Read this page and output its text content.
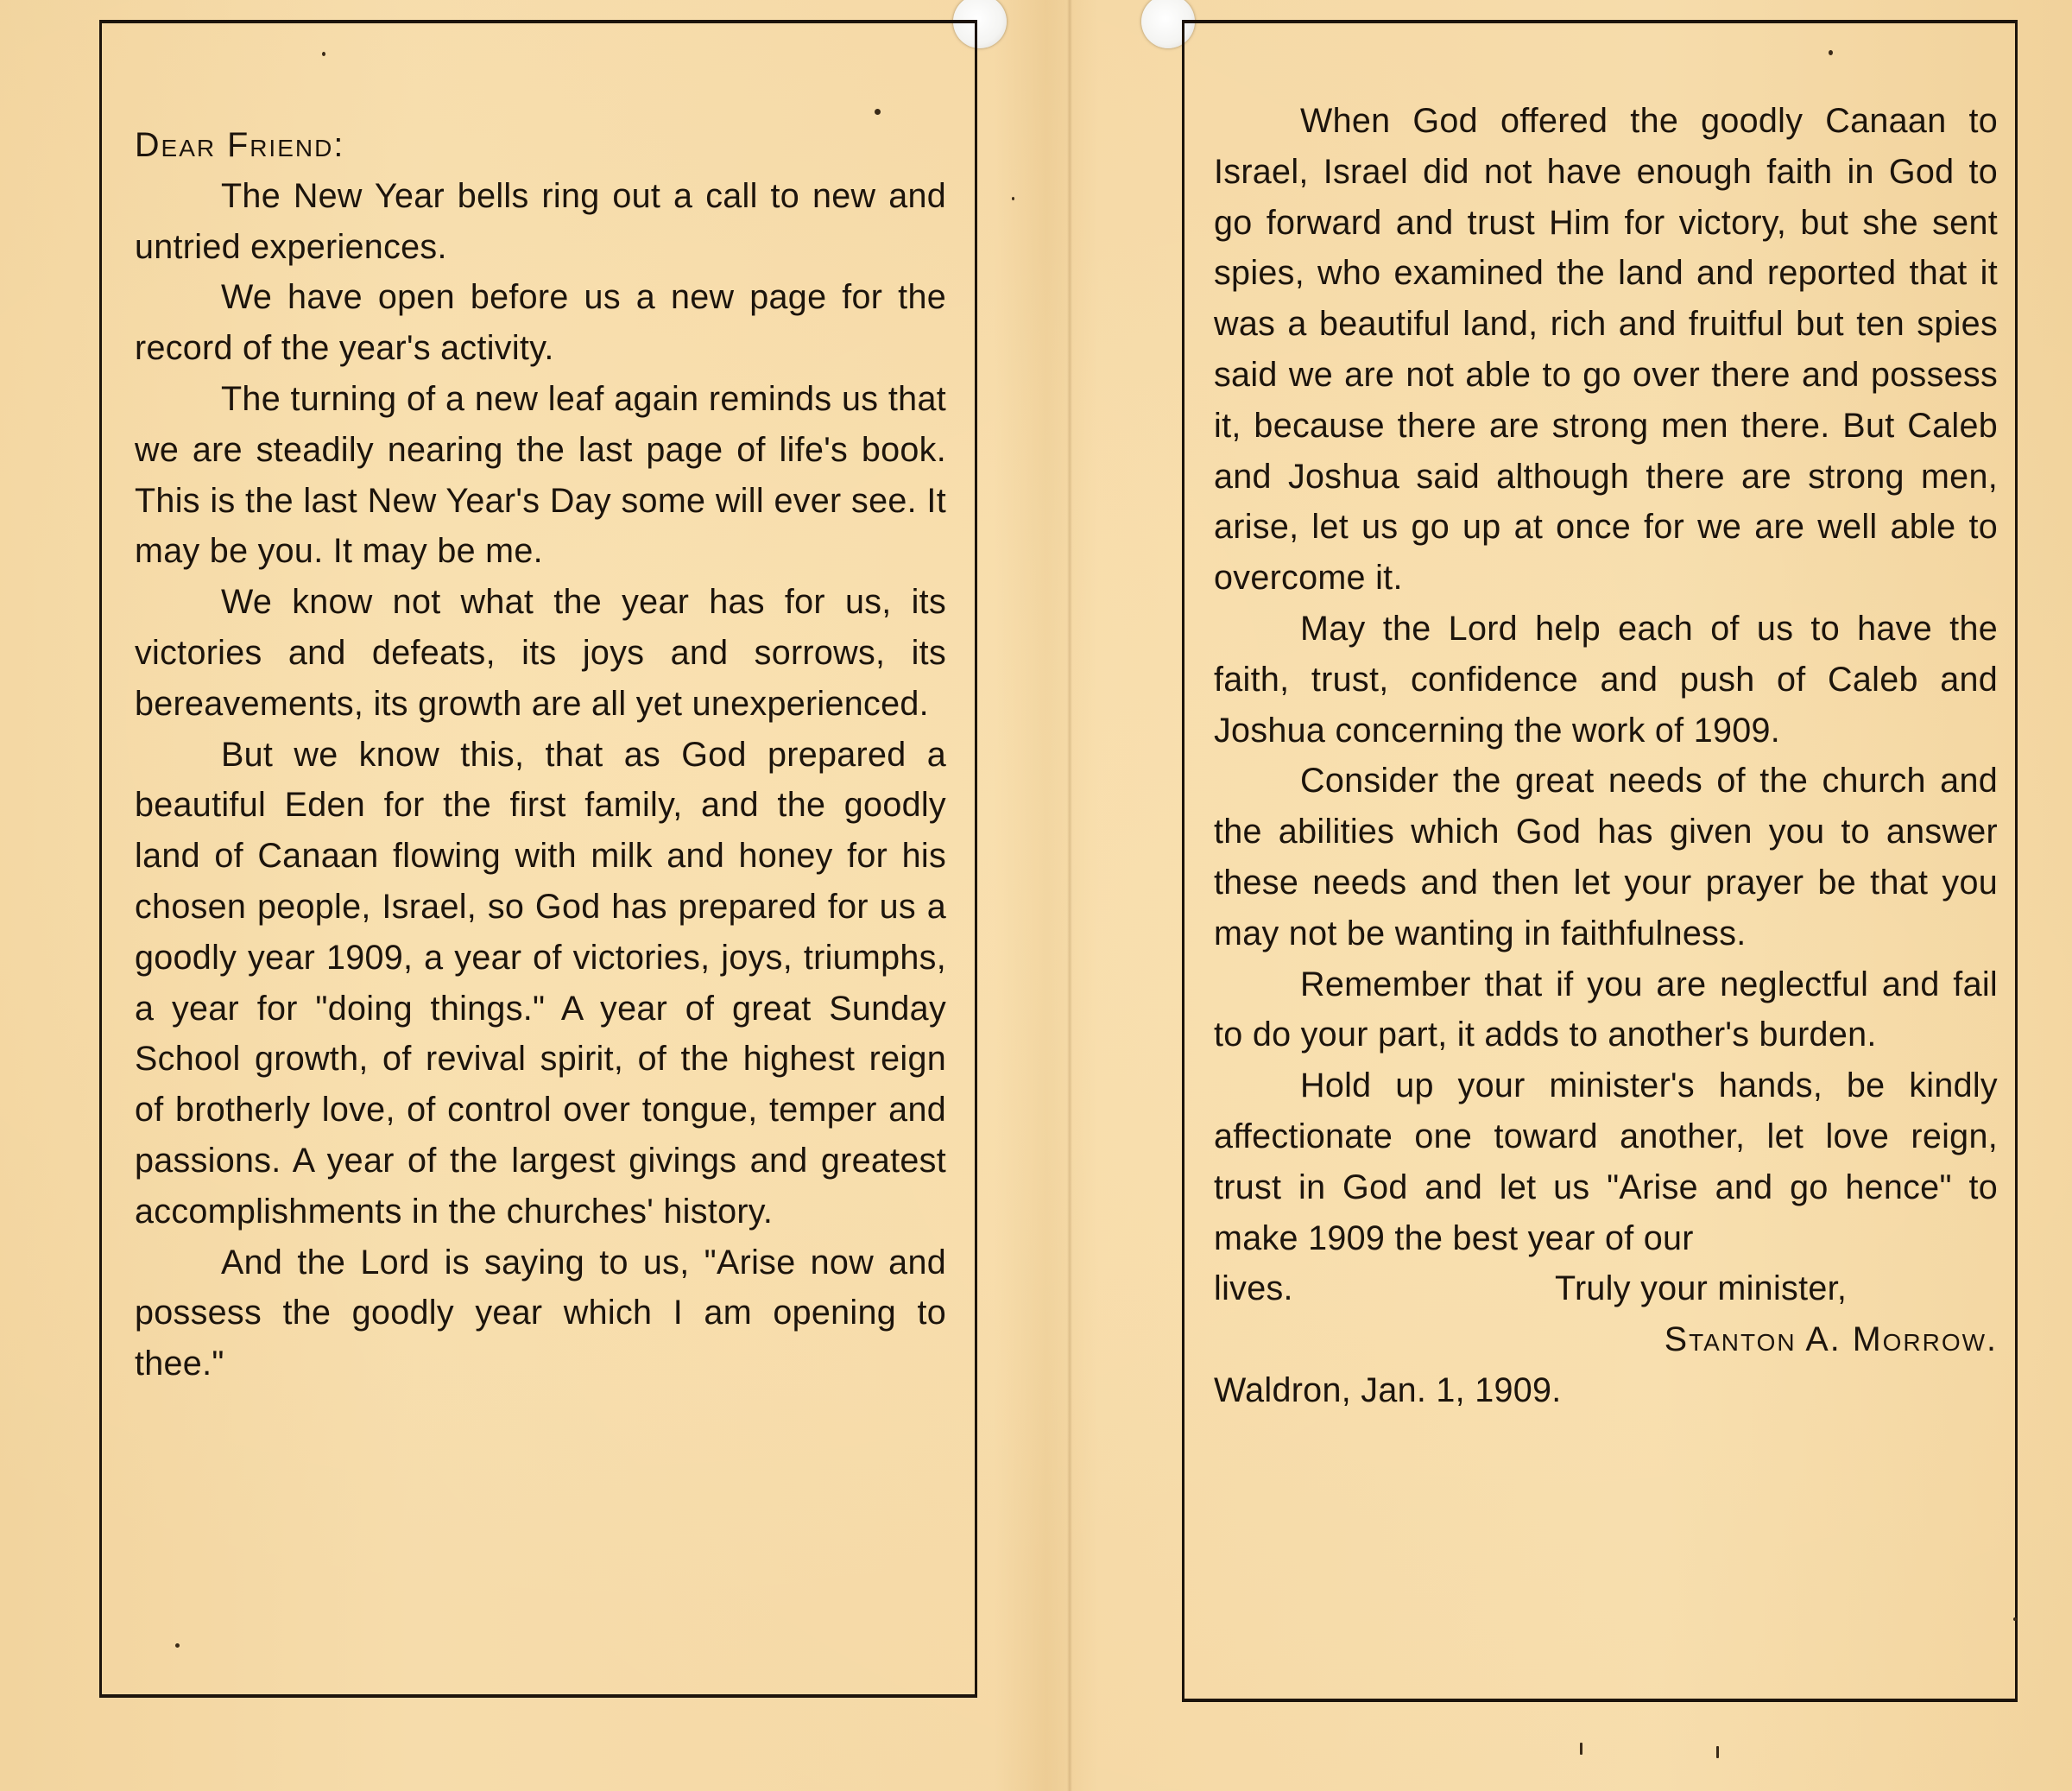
Dear Friend:

The New Year bells ring out a call to new and untried experiences.

We have open before us a new page for the record of the year's activity.

The turning of a new leaf again reminds us that we are steadily nearing the last page of life's book. This is the last New Year's Day some will ever see. It may be you. It may be me.

We know not what the year has for us, its victories and defeats, its joys and sorrows, its bereavements, its growth are all yet unexperienced.

But we know this, that as God prepared a beautiful Eden for the first family, and the goodly land of Canaan flowing with milk and honey for his chosen people, Israel, so God has prepared for us a goodly year 1909, a year of victories, joys, triumphs, a year for "doing things." A year of great Sunday School growth, of revival spirit, of the highest reign of brotherly love, of control over tongue, temper and passions. A year of the largest givings and greatest accomplishments in the churches' history.

And the Lord is saying to us, "Arise now and possess the goodly year which I am opening to thee."

When God offered the goodly Canaan to Israel, Israel did not have enough faith in God to go forward and trust Him for victory, but she sent spies, who examined the land and reported that it was a beautiful land, rich and fruitful but ten spies said we are not able to go over there and possess it, because there are strong men there. But Caleb and Joshua said although there are strong men, arise, let us go up at once for we are well able to overcome it.

May the Lord help each of us to have the faith, trust, confidence and push of Caleb and Joshua concerning the work of 1909.

Consider the great needs of the church and the abilities which God has given you to answer these needs and then let your prayer be that you may not be wanting in faithfulness.

Remember that if you are neglectful and fail to do your part, it adds to another's burden.

Hold up your minister's hands, be kindly affectionate one toward another, let love reign, trust in God and let us "Arise and go hence" to make 1909 the best year of our

lives.	Truly your minister,

Stanton A. Morrow.

Waldron, Jan. 1, 1909.
